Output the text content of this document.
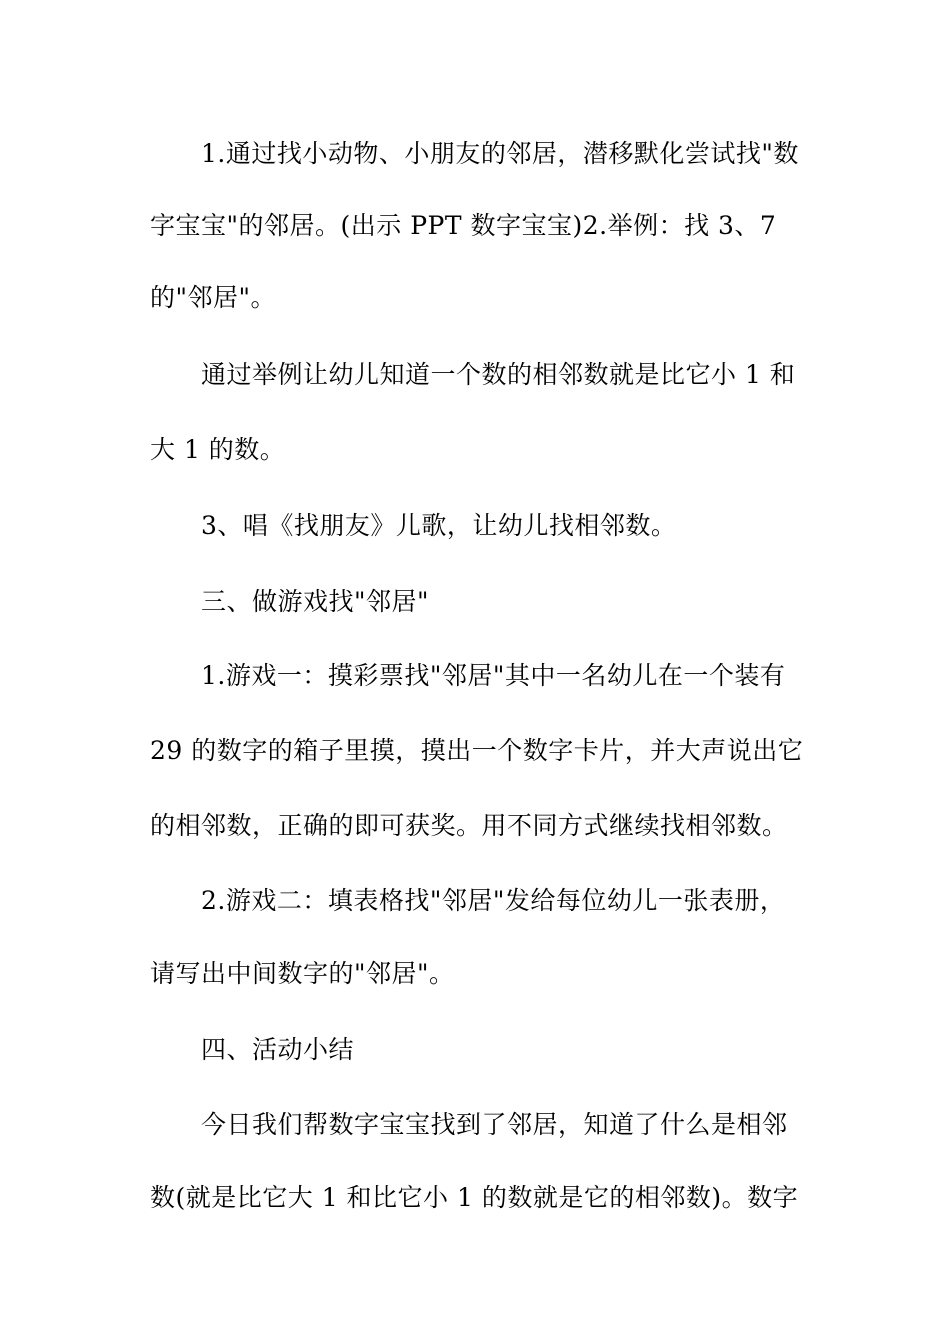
1.通过找小动物、小朋友的邻居，潜移默化尝试找"数
字宝宝"的邻居。(出示 PPT 数字宝宝)2.举例：找 3、7
的"邻居"。
通过举例让幼儿知道一个数的相邻数就是比它小 1 和
大 1 的数。
3、唱《找朋友》儿歌，让幼儿找相邻数。
三、做游戏找"邻居"
1.游戏一：摸彩票找"邻居"其中一名幼儿在一个装有
29 的数字的箱子里摸，摸出一个数字卡片，并大声说出它
的相邻数，正确的即可获奖。用不同方式继续找相邻数。
2.游戏二：填表格找"邻居"发给每位幼儿一张表册，
请写出中间数字的"邻居"。
四、活动小结
今日我们帮数字宝宝找到了邻居，知道了什么是相邻
数(就是比它大 1 和比它小 1 的数就是它的相邻数)。数字
